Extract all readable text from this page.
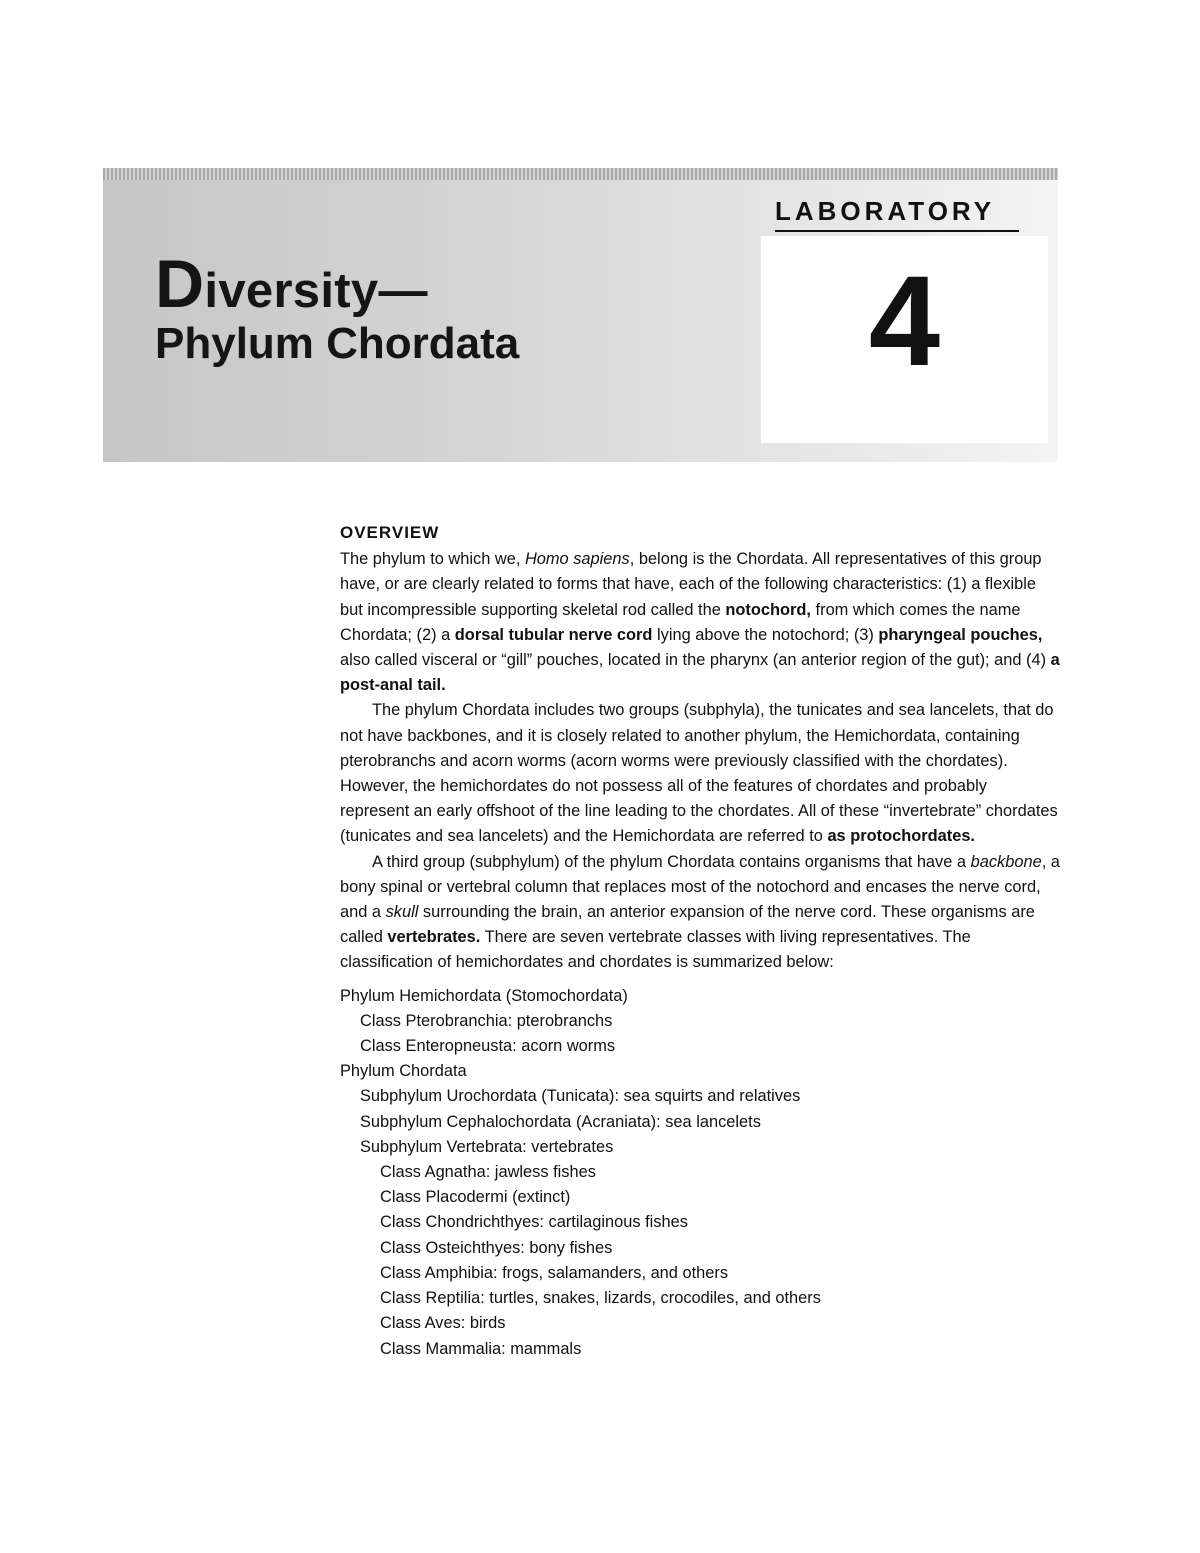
Diversity—
Phylum Chordata
LABORATORY
4
OVERVIEW

The phylum to which we, Homo sapiens, belong is the Chordata. All representatives of this group have, or are clearly related to forms that have, each of the following characteristics: (1) a flexible but incompressible supporting skeletal rod called the notochord, from which comes the name Chordata; (2) a dorsal tubular nerve cord lying above the notochord; (3) pharyngeal pouches, also called visceral or “gill” pouches, located in the pharynx (an anterior region of the gut); and (4) a post-anal tail.

The phylum Chordata includes two groups (subphyla), the tunicates and sea lancelets, that do not have backbones, and it is closely related to another phylum, the Hemichordata, containing pterobranchs and acorn worms (acorn worms were previously classified with the chordates). However, the hemichordates do not possess all of the features of chordates and probably represent an early offshoot of the line leading to the chordates. All of these “invertebrate” chordates (tunicates and sea lancelets) and the Hemichordata are referred to as protochordates.

A third group (subphylum) of the phylum Chordata contains organisms that have a backbone, a bony spinal or vertebral column that replaces most of the notochord and encases the nerve cord, and a skull surrounding the brain, an anterior expansion of the nerve cord. These organisms are called vertebrates. There are seven vertebrate classes with living representatives. The classification of hemichordates and chordates is summarized below:

Phylum Hemichordata (Stomochordata)
Class Pterobranchia: pterobranchs
Class Enteropneusta: acorn worms
Phylum Chordata
Subphylum Urochordata (Tunicata): sea squirts and relatives
Subphylum Cephalochordata (Acraniata): sea lancelets
Subphylum Vertebrata: vertebrates
Class Agnatha: jawless fishes
Class Placodermi (extinct)
Class Chondrichthyes: cartilaginous fishes
Class Osteichthyes: bony fishes
Class Amphibia: frogs, salamanders, and others
Class Reptilia: turtles, snakes, lizards, crocodiles, and others
Class Aves: birds
Class Mammalia: mammals
